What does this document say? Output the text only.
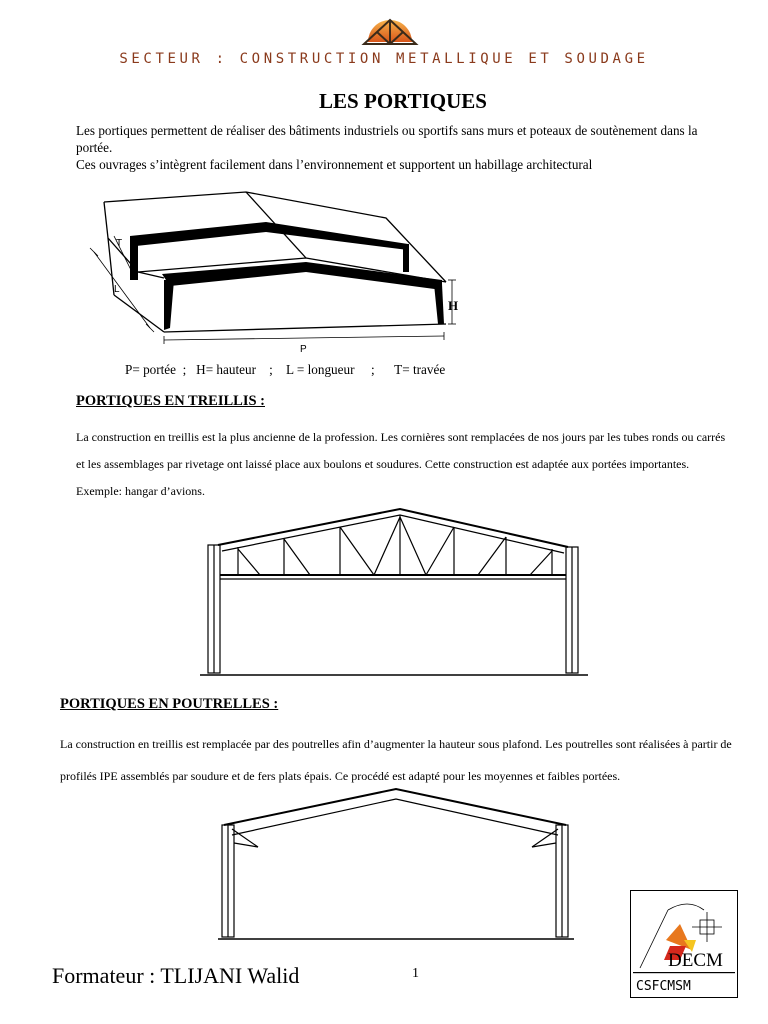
SECTEUR : CONSTRUCTION METALLIQUE ET SOUDAGE
LES PORTIQUES

Les portiques permettent de réaliser des bâtiments industriels ou sportifs sans murs et poteaux de soutènement dans la portée.

Ces ouvrages s’intègrent facilement dans l’environnement et supportent un habillage architectural

T
L
H
P
P= portée  ;   H= hauteur    ;    L = longueur     ;      T= travée
PORTIQUES EN TREILLIS :
La construction en treillis est la plus ancienne de la profession. Les cornières sont remplacées de nos jours par les tubes ronds ou carrés et les assemblages par rivetage ont laissé place aux boulons et soudures. Cette construction est adaptée aux portées importantes. Exemple: hangar d’avions.
PORTIQUES EN POUTRELLES :
La construction en treillis est remplacée par des poutrelles afin d’augmenter la hauteur sous plafond. Les poutrelles sont réalisées à partir de profilés IPE assemblés par soudure et de fers plats épais. Ce procédé est adapté pour les moyennes et faibles portées.
Formateur : TLIJANI Walid	1
DECM
CSFCMSM
